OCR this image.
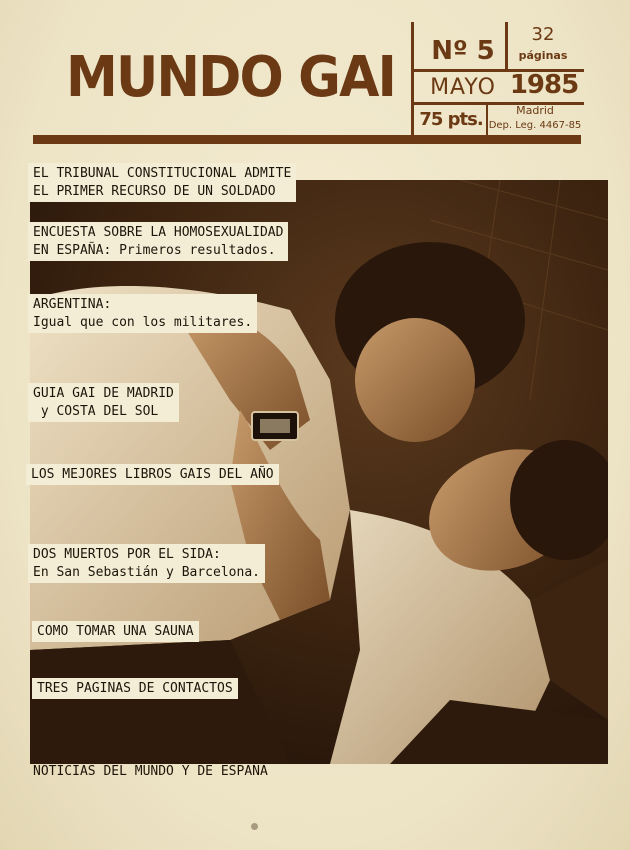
MUNDO GAI	Nº 5
32
páginas
MAYO 1985
75 pts.	Madrid
Dep. Leg. 4467-85
EL TRIBUNAL CONSTITUCIONAL ADMITE
EL PRIMER RECURSO DE UN SOLDADO
ENCUESTA SOBRE LA HOMOSEXUALIDAD
EN ESPAÑA: Primeros resultados.
ARGENTINA:
Igual que con los militares.
GUIA GAI DE MADRID
y COSTA DEL SOL
LOS MEJORES LIBROS GAIS DEL AÑO
DOS MUERTOS POR EL SIDA:
En San Sebastián y Barcelona.
COMO TOMAR UNA SAUNA
TRES PAGINAS DE CONTACTOS
NOTICIAS DEL MUNDO Y DE ESPAÑA
